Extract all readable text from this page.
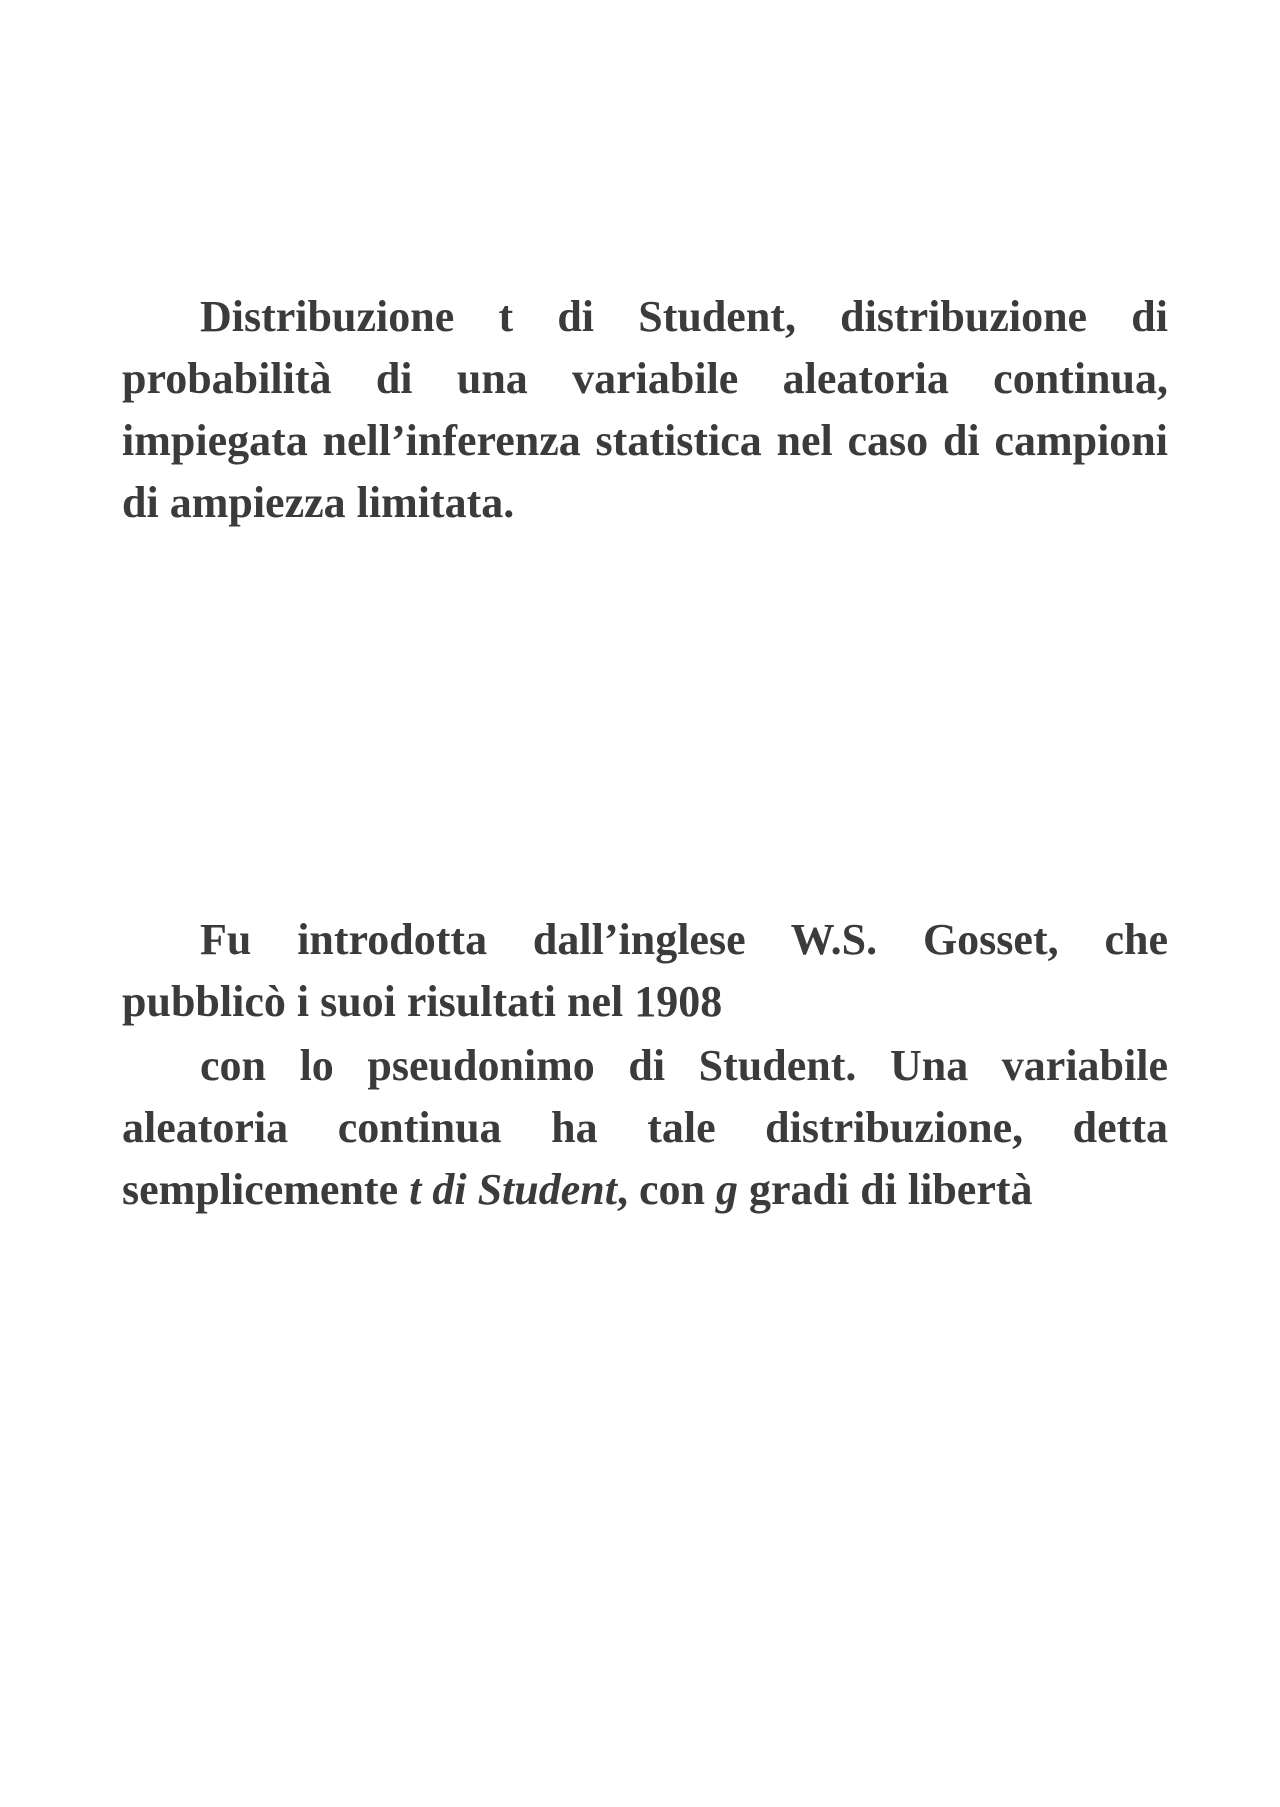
Distribuzione t di Student, distribuzione di probabilità di una variabile aleatoria continua, impiegata nell’inferenza statistica nel caso di campioni di ampiezza limitata.

Fu introdotta dall’inglese W.S. Gosset, che pubblicò i suoi risultati nel 1908

con lo pseudonimo di Student. Una variabile aleatoria continua ha tale distribuzione, detta semplicemente t di Student, con g gradi di libertà
